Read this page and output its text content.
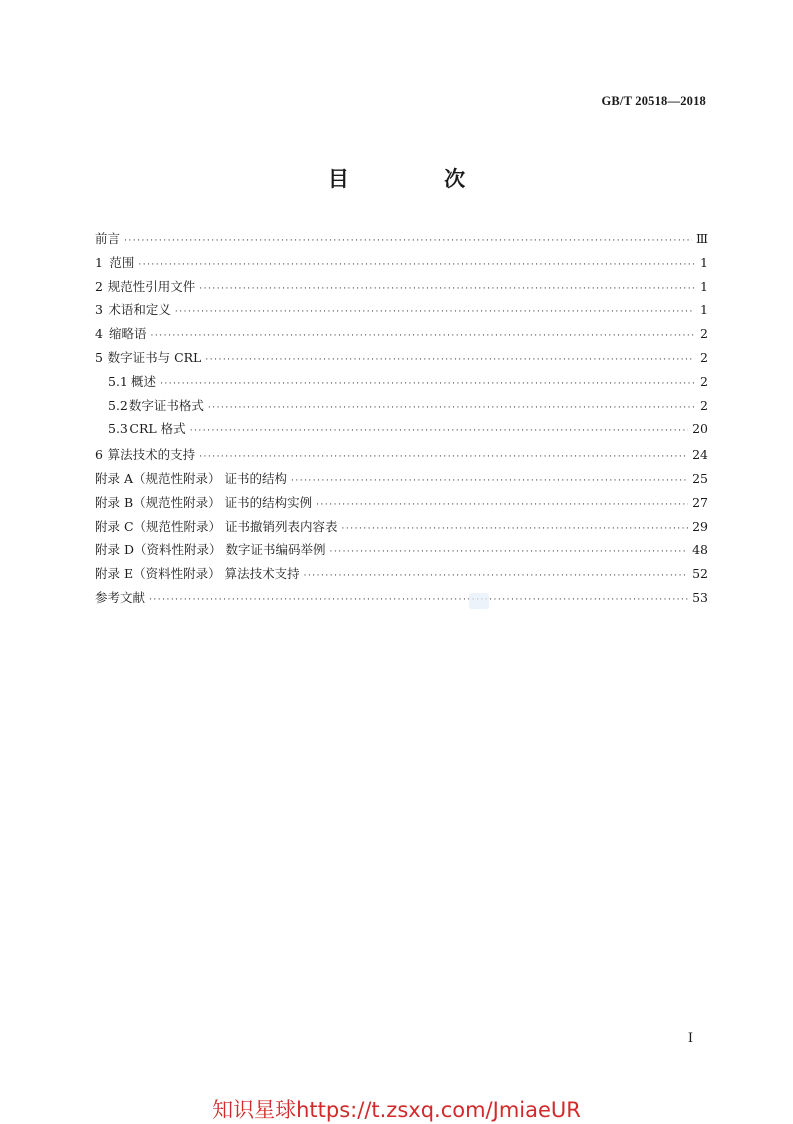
GB/T 20518—2018
目 次
前言 ·····	Ⅲ
1 范围 ·····	1
2 规范性引用文件 ·····	1
3 术语和定义 ·····	1
4 缩略语 ·····	2
5 数字证书与 CRL ·····	2
5.1 概述 ·····	2
5.2 数字证书格式 ·····	2
5.3 CRL 格式 ·····	20
6 算法技术的支持 ·····	24
附录 A（规范性附录） 证书的结构 ·····	25
附录 B（规范性附录） 证书的结构实例 ·····	27
附录 C（规范性附录） 证书撤销列表内容表 ·····	29
附录 D（资料性附录） 数字证书编码举例 ·····	48
附录 E（资料性附录） 算法技术支持 ·····	52
参考文献 ·····	53
I
知识星球https://t.zsxq.com/JmiaeUR
